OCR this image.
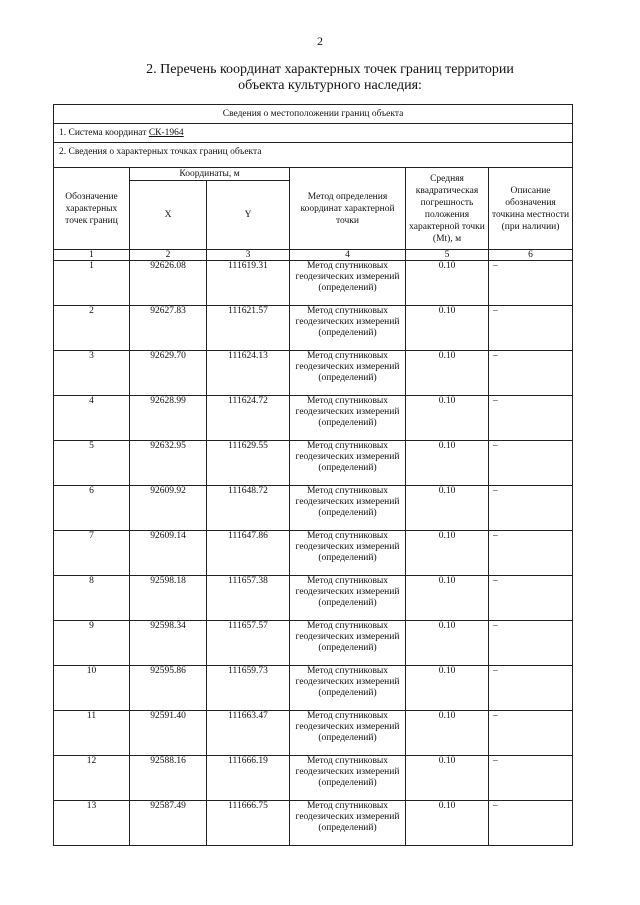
2
2. Перечень координат характерных точек границ территории
объекта культурного наследия:
Сведения о местоположении границ объекта					
1. Система координат СК-1964					
2. Сведения о характерных точках границ объекта					
Обозначение характерных точек границ	Координаты, м		Метод определения координат характерной точки	Средняя квадратическая погрешность положения характерной точки (Mt), м	Описание обозначения точкина местности (при наличии)
	X	Y			
1	2	3	4	5	6
1	92626.08	111619.31	Метод спутниковых геодезических измерений (определений)	0.10	–
2	92627.83	111621.57	Метод спутниковых геодезических измерений (определений)	0.10	–
3	92629.70	111624.13	Метод спутниковых геодезических измерений (определений)	0.10	–
4	92628.99	111624.72	Метод спутниковых геодезических измерений (определений)	0.10	–
5	92632.95	111629.55	Метод спутниковых геодезических измерений (определений)	0.10	–
6	92609.92	111648.72	Метод спутниковых геодезических измерений (определений)	0.10	–
7	92609.14	111647.86	Метод спутниковых геодезических измерений (определений)	0.10	–
8	92598.18	111657.38	Метод спутниковых геодезических измерений (определений)	0.10	–
9	92598.34	111657.57	Метод спутниковых геодезических измерений (определений)	0.10	–
10	92595.86	111659.73	Метод спутниковых геодезических измерений (определений)	0.10	–
11	92591.40	111663.47	Метод спутниковых геодезических измерений (определений)	0.10	–
12	92588.16	111666.19	Метод спутниковых геодезических измерений (определений)	0.10	–
13	92587.49	111666.75	Метод спутниковых геодезических измерений (определений)	0.10	–
